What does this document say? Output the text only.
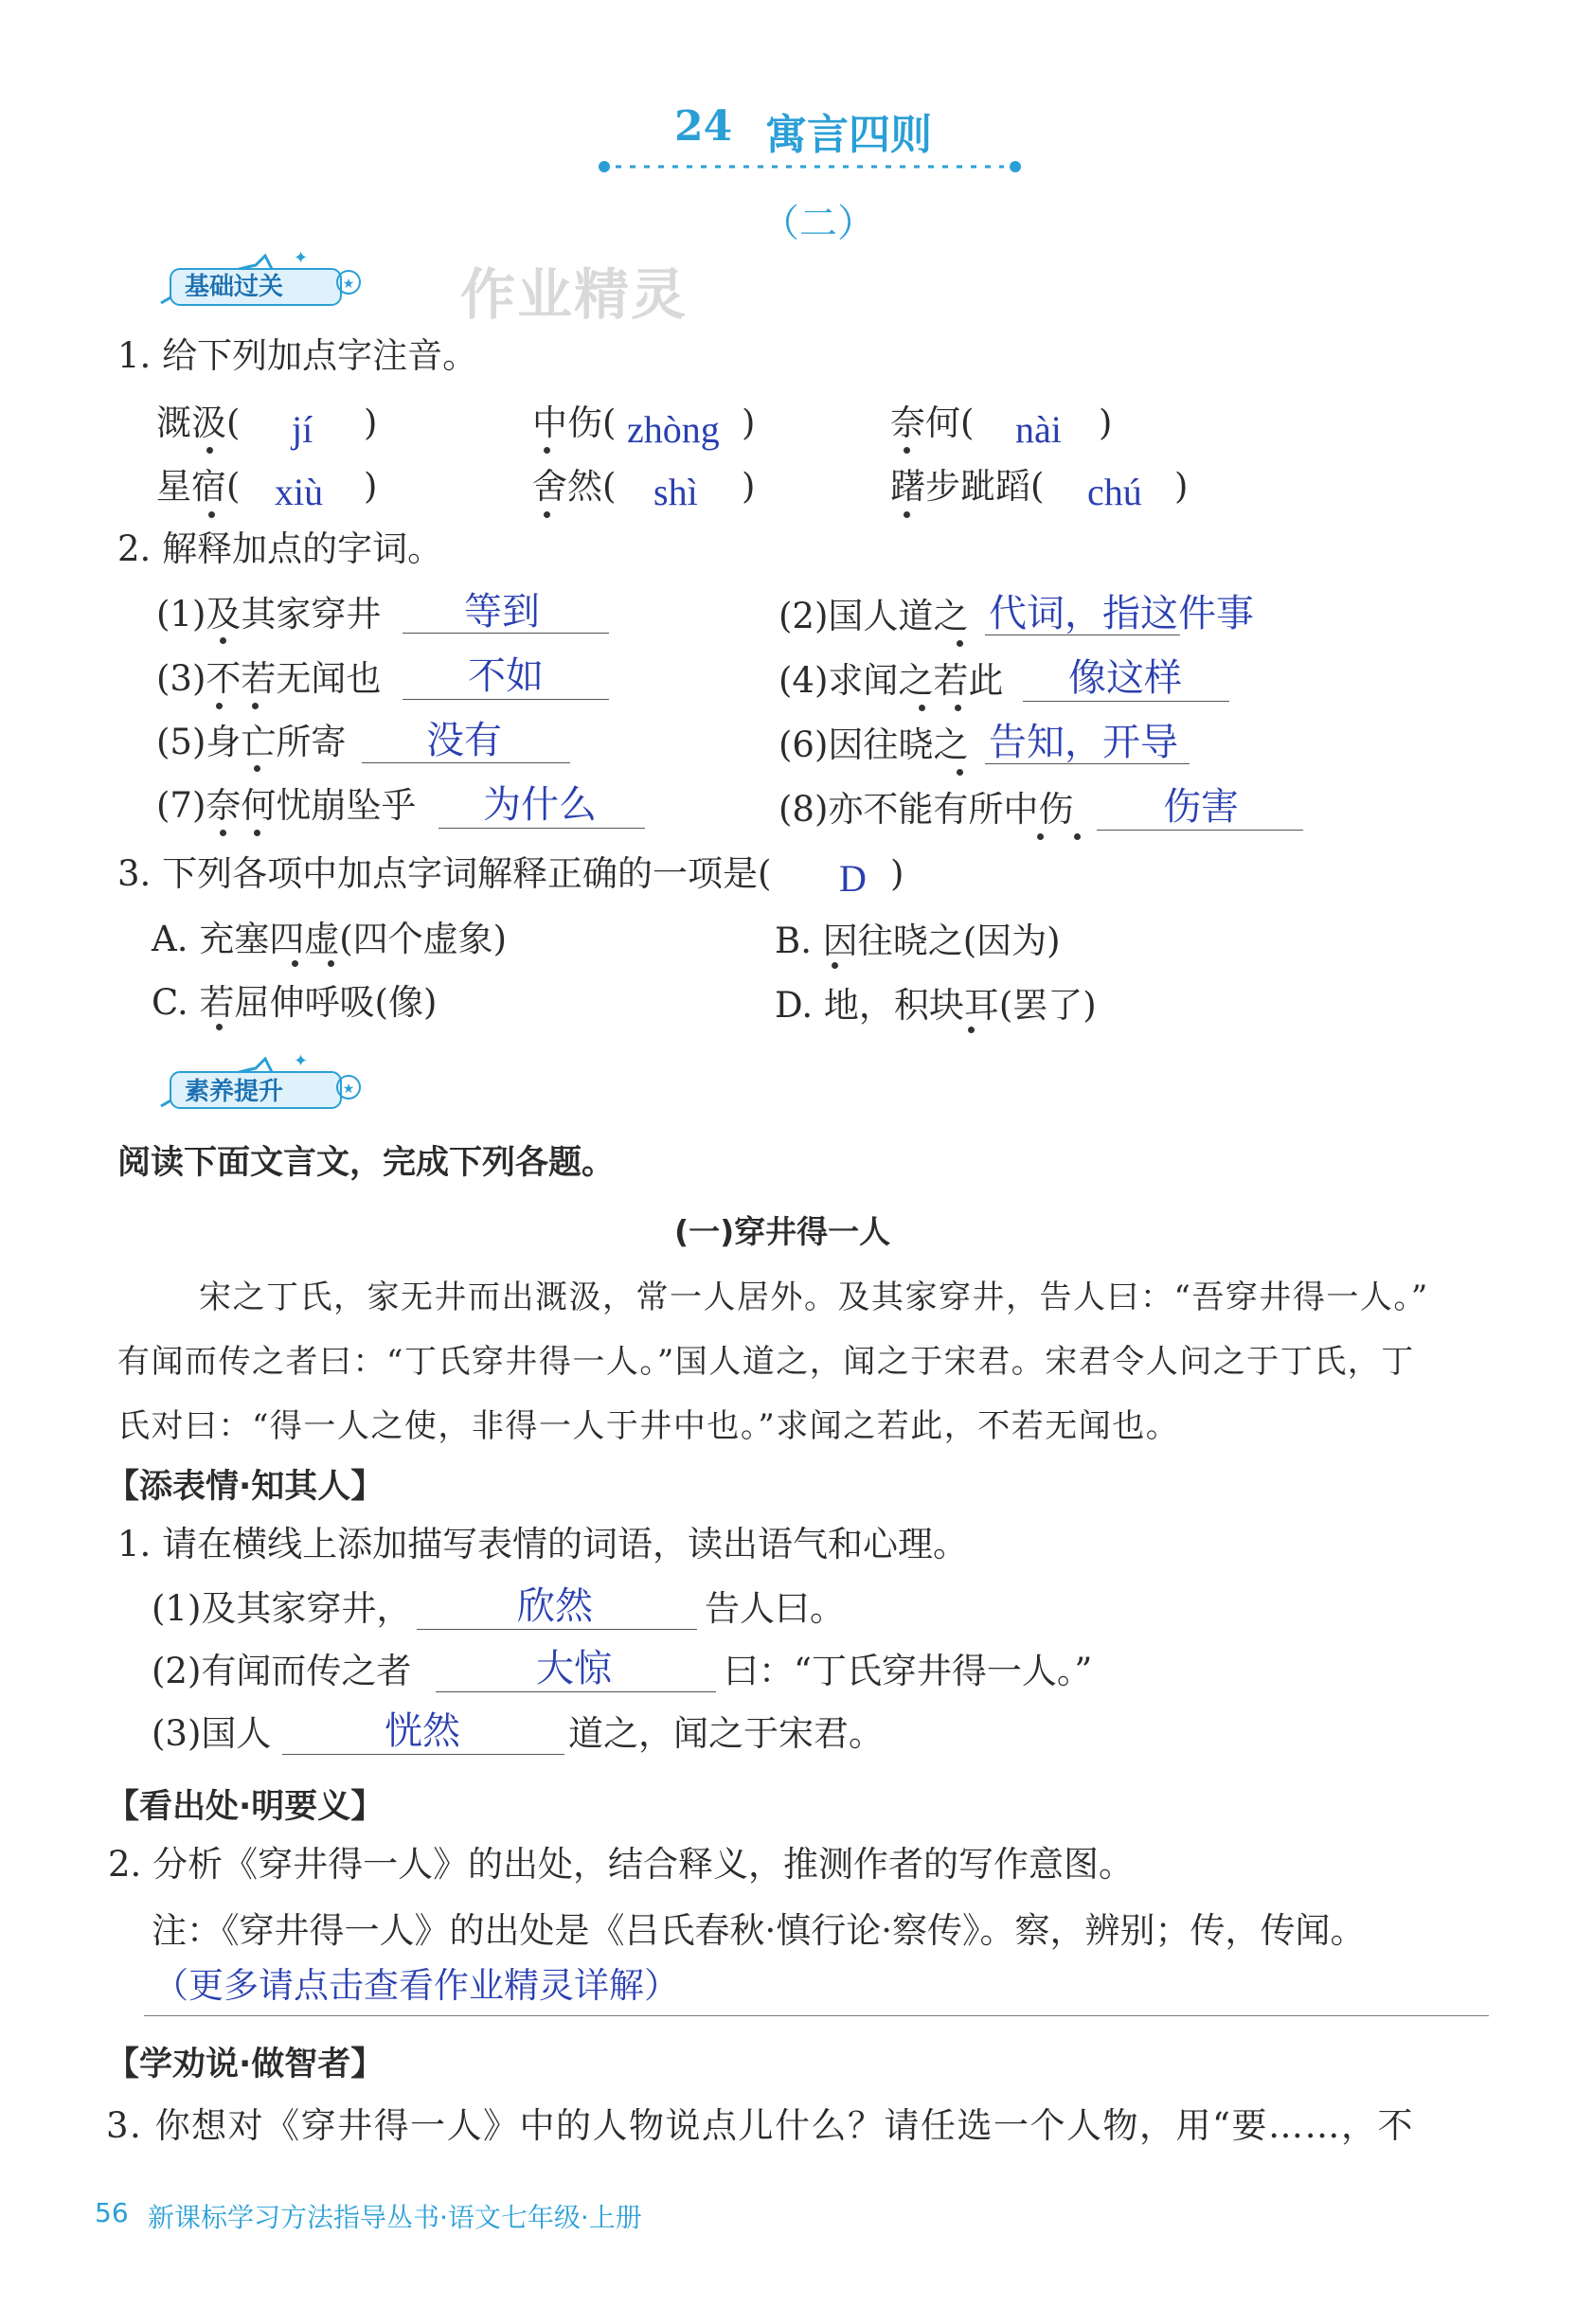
24 寓言四则
（二）
★
✦
基础过关	作业精灵
1. 给下列加点字注音。
溉汲( jí )	中伤( zhòng )	奈何( nài )
星宿( xiù )	舍然( shì )	躇步跐蹈( chú )
2. 解释加点的字词。
(1)及其家穿井 等到	(2)国人道之 代词，指这件事
(3)不若无闻也 不如	(4)求闻之若此 像这样
(5)身亡所寄 没有	(6)因往晓之 告知，开导
(7)奈何忧崩坠乎 为什么	(8)亦不能有所中伤 伤害
3. 下列各项中加点字词解释正确的一项是( D )
A. 充塞四虚(四个虚象)	B. 因往晓之(因为)
C. 若屈伸呼吸(像)	D. 地，积块耳(罢了)
★
✦
素养提升
阅读下面文言文，完成下列各题。
(一)穿井得一人
宋之丁氏，家无井而出溉汲，常一人居外。及其家穿井，告人曰：“吾穿井得一人。”
有闻而传之者曰：“丁氏穿井得一人。”国人道之，闻之于宋君。宋君令人问之于丁氏，丁
氏对曰：“得一人之使，非得一人于井中也。”求闻之若此，不若无闻也。
【添表情·知其人】
1. 请在横线上添加描写表情的词语，读出语气和心理。
(1)及其家穿井，	欣然	告人曰。
(2)有闻而传之者	大惊	曰：“丁氏穿井得一人。”
(3)国人	恍然	道之，闻之于宋君。
【看出处·明要义】
2. 分析《穿井得一人》的出处，结合释义，推测作者的写作意图。
注：《穿井得一人》的出处是《吕氏春秋·慎行论·察传》。察，辨别；传，传闻。
（更多请点击查看作业精灵详解）
【学劝说·做智者】
3. 你想对《穿井得一人》中的人物说点儿什么？请任选一个人物，用“要……，不
56 新课标学习方法指导丛书·语文七年级·上册
